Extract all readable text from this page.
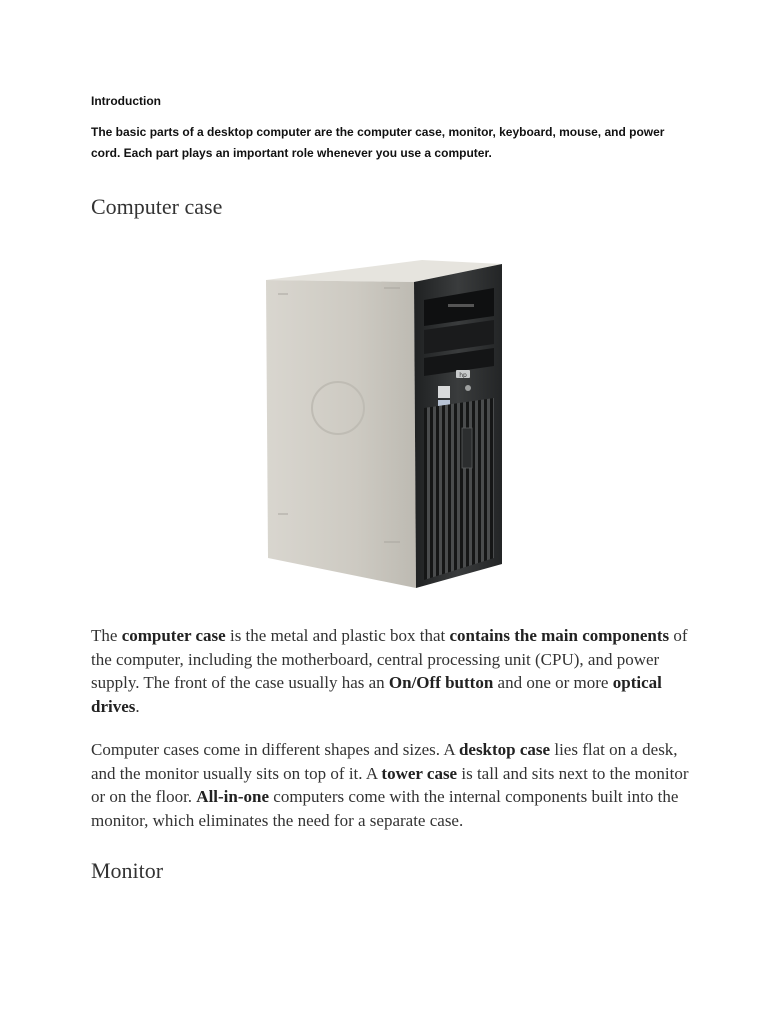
Introduction

The basic parts of a desktop computer are the computer case, monitor, keyboard, mouse, and power cord. Each part plays an important role whenever you use a computer.

Computer case
hp

The computer case is the metal and plastic box that contains the main components of the computer, including the motherboard, central processing unit (CPU), and power supply. The front of the case usually has an On/Off button and one or more optical drives.

Computer cases come in different shapes and sizes. A desktop case lies flat on a desk, and the monitor usually sits on top of it. A tower case is tall and sits next to the monitor or on the floor. All-in-one computers come with the internal components built into the monitor, which eliminates the need for a separate case.

Monitor
